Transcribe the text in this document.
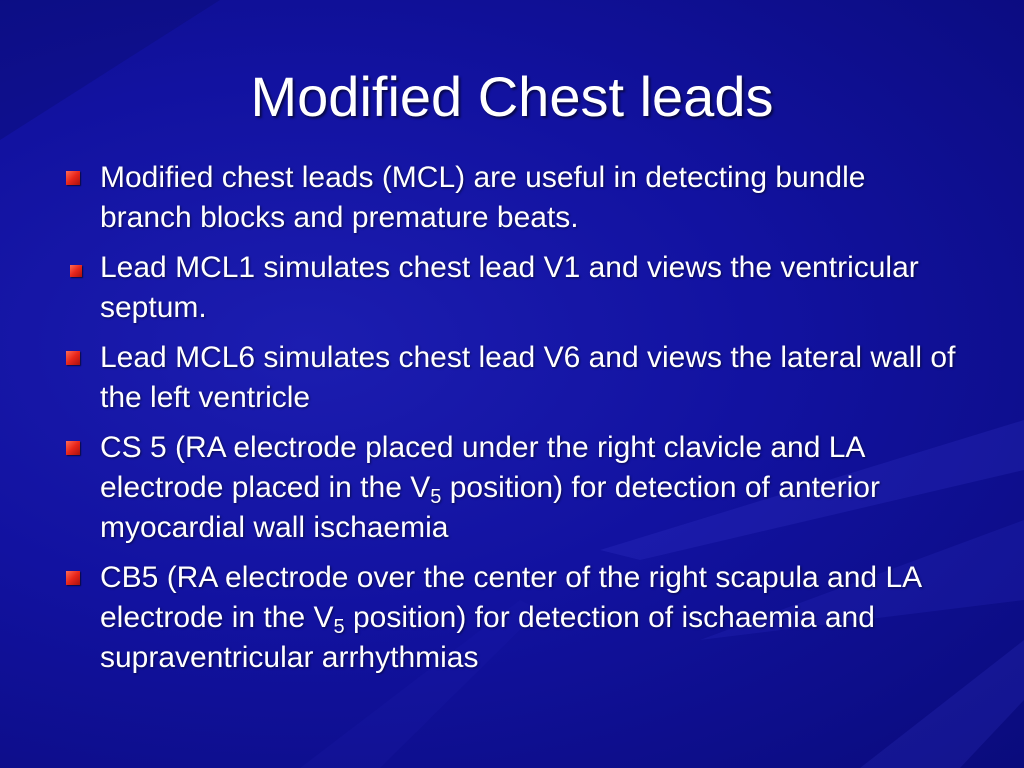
Modified Chest leads
Modified chest leads (MCL) are useful in detecting bundle branch blocks and premature beats.
Lead MCL1 simulates chest lead V1 and views the ventricular septum.
Lead MCL6 simulates chest lead V6 and views the lateral wall of the left ventricle
CS 5 (RA electrode placed under the right clavicle and LA electrode placed in the $V_5$ position) for detection of anterior myocardial wall ischaemia
CB5 (RA electrode over the center of the right scapula and LA electrode in the $V_5$ position) for detection of ischaemia and supraventricular arrhythmias
